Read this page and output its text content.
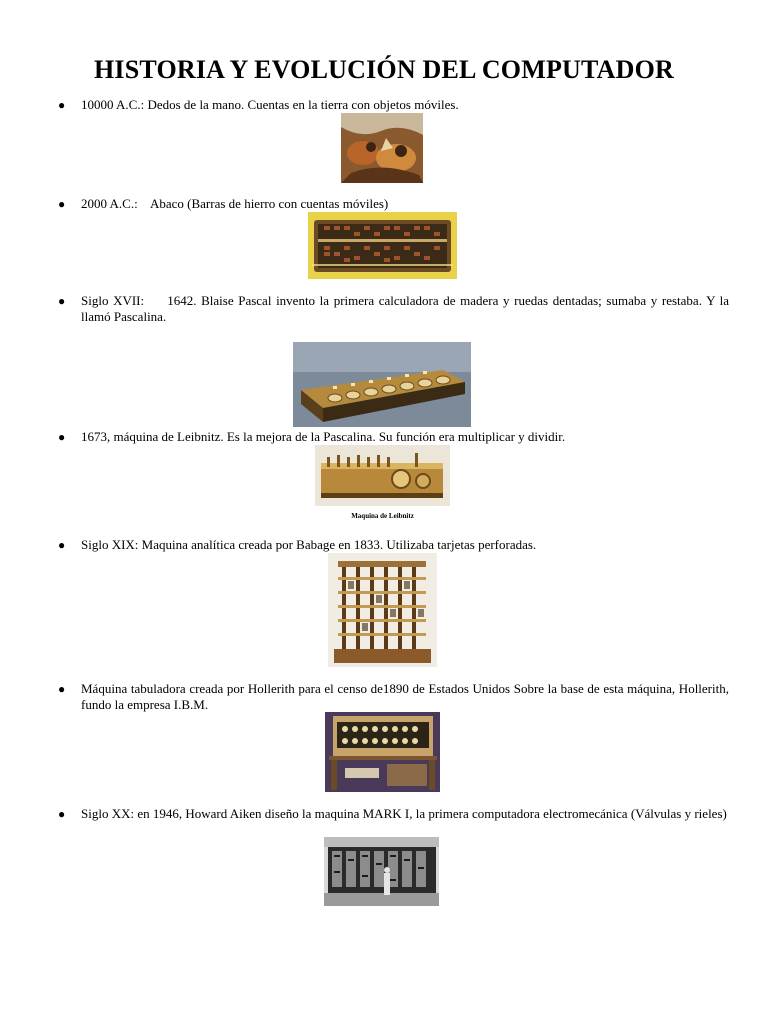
HISTORIA Y EVOLUCIÓN DEL COMPUTADOR
● 10000 A.C.: Dedos de la mano. Cuentas en la tierra con objetos móviles.
● 2000 A.C.:    Abaco (Barras de hierro con cuentas móviles)
● Siglo XVII:     1642. Blaise Pascal invento la primera calculadora de madera y ruedas dentadas; sumaba y restaba. Y la llamó Pascalina.
● 1673, máquina de Leibnitz. Es la mejora de la Pascalina. Su función era multiplicar y dividir.
Maquina de Leibnitz
● Siglo XIX: Maquina analítica creada por Babage en 1833. Utilizaba tarjetas perforadas.
● Máquina tabuladora creada por Hollerith para el censo de1890 de Estados Unidos Sobre la base de esta máquina, Hollerith, fundo la empresa I.B.M.
● Siglo XX: en 1946, Howard Aiken diseño la maquina MARK I, la primera computadora electromecánica (Válvulas y rieles)
